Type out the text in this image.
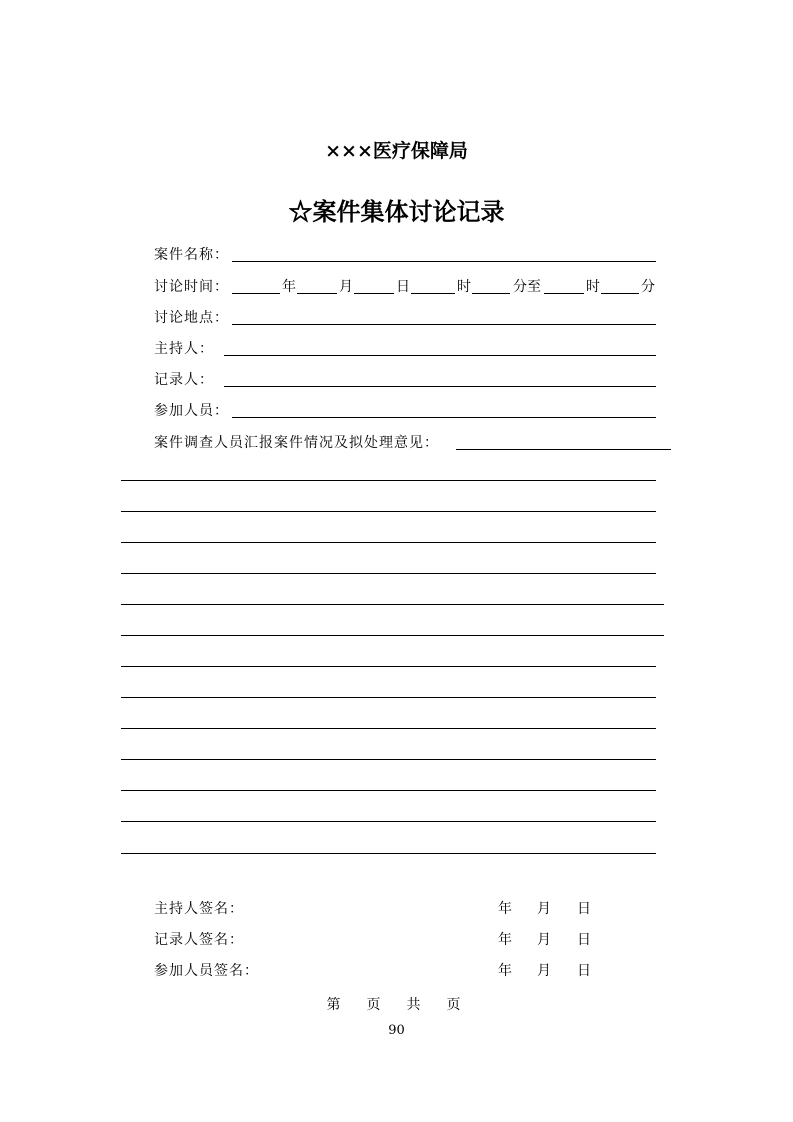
×××医疗保障局
☆案件集体讨论记录
案件名称：
讨论时间：	年	月	日	时	分至	时	分
讨论地点：
主持人：
记录人：
参加人员：
案件调查人员汇报案件情况及拟处理意见：
主持人签名：	年 月 日
记录人签名：	年 月 日
参加人员签名：	年 月 日
第　页　共　页
90
